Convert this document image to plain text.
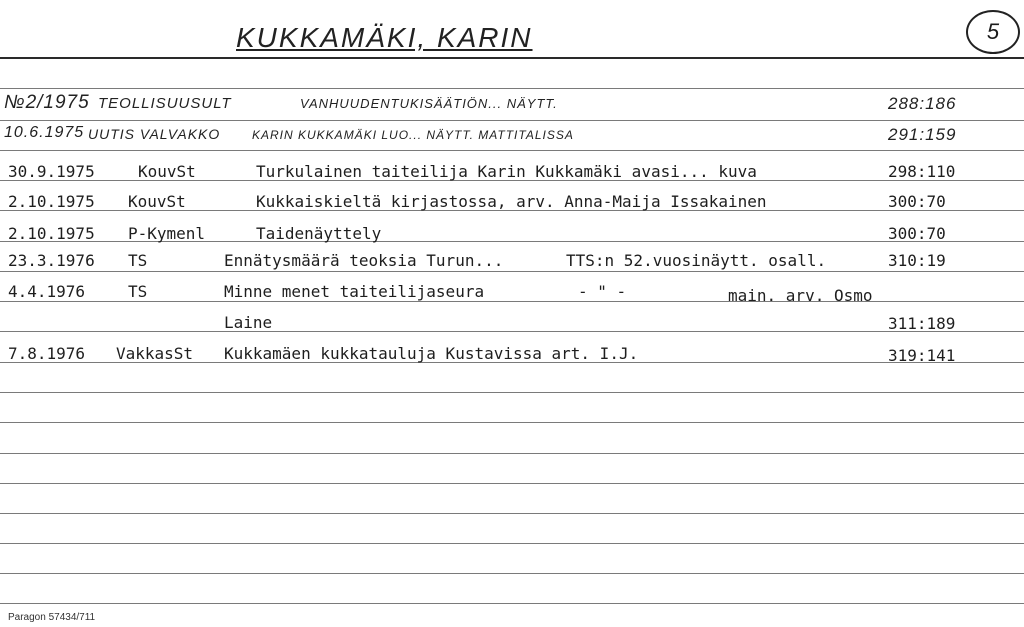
KUKKAMÄKI, KARIN	5
№2/1975 TEOLLISUUSULT	VANHUUDENTUKISÄÄTIÖN... NÄYTT.	288:186
10.6.1975 UUTIS VALVAKKO	KARIN KUKKAMÄKI LUO... NÄYTT. MATTITALISSA	291:159
30.9.1975	KouvSt	Turkulainen taiteilija Karin Kukkamäki avasi... kuva	298:110
2.10.1975 KouvSt	Kukkaiskieltä kirjastossa, arv. Anna-Maija Issakainen	300:70
2.10.1975 P-Kymenl	Taidenäyttely	300:70
23.3.1976 TS	Ennätysmäärä teoksia Turun...	TTS:n 52.vuosinäytt. osall.	310:19
4.4.1976	TS	Minne menet taiteilijaseura	- " -	main. arv. Osmo
Laine	311:189
7.8.1976 VakkasSt Kukkamäen kukkatauluja Kustavissa art. I.J.	319:141
Paragon 57434/711
